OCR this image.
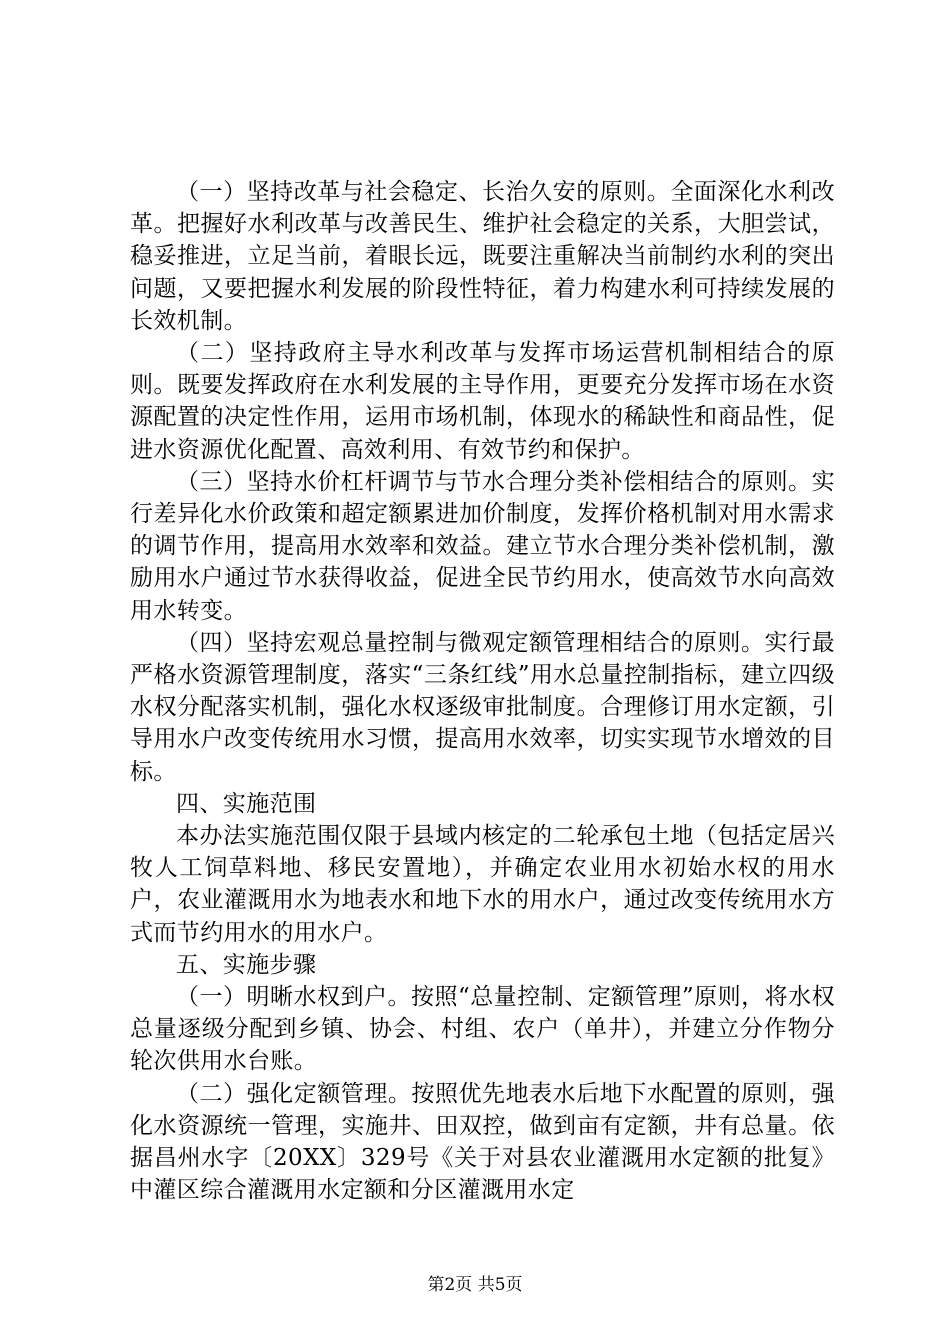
（一）坚持改革与社会稳定、长治久安的原则。全面深化水利改革。把握好水利改革与改善民生、维护社会稳定的关系，大胆尝试，稳妥推进，立足当前，着眼长远，既要注重解决当前制约水利的突出问题，又要把握水利发展的阶段性特征，着力构建水利可持续发展的长效机制。

（二）坚持政府主导水利改革与发挥市场运营机制相结合的原则。既要发挥政府在水利发展的主导作用，更要充分发挥市场在水资源配置的决定性作用，运用市场机制，体现水的稀缺性和商品性，促进水资源优化配置、高效利用、有效节约和保护。

（三）坚持水价杠杆调节与节水合理分类补偿相结合的原则。实行差异化水价政策和超定额累进加价制度，发挥价格机制对用水需求的调节作用，提高用水效率和效益。建立节水合理分类补偿机制，激励用水户通过节水获得收益，促进全民节约用水，使高效节水向高效用水转变。

（四）坚持宏观总量控制与微观定额管理相结合的原则。实行最严格水资源管理制度，落实“三条红线”用水总量控制指标，建立四级水权分配落实机制，强化水权逐级审批制度。合理修订用水定额，引导用水户改变传统用水习惯，提高用水效率，切实实现节水增效的目标。

四、实施范围

本办法实施范围仅限于县域内核定的二轮承包土地（包括定居兴牧人工饲草料地、移民安置地），并确定农业用水初始水权的用水户，农业灌溉用水为地表水和地下水的用水户，通过改变传统用水方式而节约用水的用水户。

五、实施步骤

（一）明晰水权到户。按照“总量控制、定额管理”原则，将水权总量逐级分配到乡镇、协会、村组、农户（单井），并建立分作物分轮次供用水台账。

（二）强化定额管理。按照优先地表水后地下水配置的原则，强化水资源统一管理，实施井、田双控，做到亩有定额，井有总量。依据昌州水字〔20XX〕329号《关于对县农业灌溉用水定额的批复》中灌区综合灌溉用水定额和分区灌溉用水定

第2页 共5页
